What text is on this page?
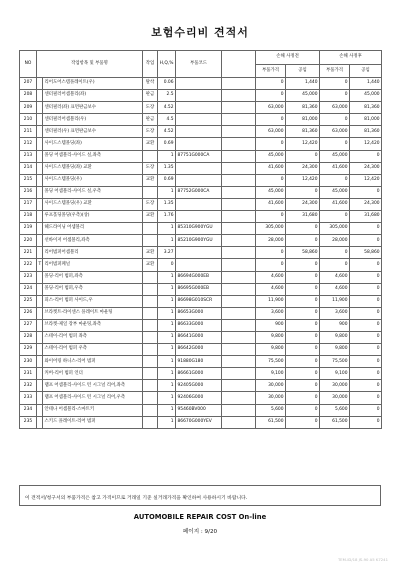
보험수리비 견적서
NO	작업항목 및 부품명		작업	H,Q,%	부품코드		손해 사정전		손해 사정후	
							부품가격	공임	부품가격	공임
207		리어도어스템플레이트(우)	탈착	0.06			0	1,440	0	1,440
208		센터필러어셈블리(좌)	판금	2.5			0	45,000	0	45,000
209		센터필러(좌) 표면판금보수	도장	4.52			63,000	81,360	63,000	81,360
210		센터필러어셈블리(우)	판금	4.5			0	81,000	0	81,000
211		센터필러(우) 표면판금보수	도장	4.52			63,000	81,360	63,000	81,360
212		사이드스텝몰딩(좌)	교환	0.69			0	12,420	0	12,420
213		몰딩 어셈블리-사이드 실,좌측		1	87751G000CA		45,000	0	45,000	0
214		사이드스텝몰딩(좌) 교환	도장	1.35			41,600	24,300	41,600	24,300
215		사이드스텝몰딩(우)	교환	0.69			0	12,420	0	12,420
216		몰딩 어셈블리-사이드 실,우측		1	87752G000CA		45,000	0	45,000	0
217		사이드스텝몰딩(우) 교환	도장	1.35			41,600	24,300	41,600	24,300
218		루프홀딩몰딩(우측)(상)	교환	1.76			0	31,680	0	31,680
219		헤드라이닝 어셈블리		1	85310G900YGU		305,000	0	305,000	0
220		선바이저 어셈블리,좌측		1	85210G900YGU		28,000	0	28,000	0
221		리어범퍼어셈블리	교환	3.27			0	58,860	0	58,860
222	T	리어범퍼페널	교환	0			0	0	0	0
223		몰딩-리어 범퍼,좌측		1	86694G000EB		4,600	0	4,600	0
224		몰딩-리어 범퍼,우측		1	86695G000EB		4,600	0	4,600	0
225		피스-리어 범퍼 사이드,우		1	86698G010SCR		11,900	0	11,900	0
226		브라켓트-라이센스 플레이트 마운팅		1	86653G000		3,600	0	3,600	0
227		브라켓-제일 장부 마운팅,좌측		1	86633G000		900	0	900	0
228		스테이-리어 범퍼 좌측		1	86641G000		9,800	0	9,800	0
229		스테이-리어 범퍼 우측		1	86642G000		9,800	0	9,800	0
230		와이어링 하니스-리어 범퍼		1	91880G180		75,500	0	75,500	0
231		커버-리어 범퍼 언더		1	86661G000		9,100	0	9,100	0
232		램프 어셈블리-사이드 턴 시그널 리어,좌측		1	92405G000		30,000	0	30,000	0
233		램프 어셈블리-사이드 턴 시그널 리어,우측		1	92406G000		30,000	0	30,000	0
234		안테나 어셈블리-스마트키		1	95460BV000		5,600	0	5,600	0
235		스키드 플레이트-리어 범퍼		1	86670G000YEV		61,500	0	61,500	0
이 견적서/청구서의 부품가격은 참고 가격이므로 거래일 기준 실거래가격을 확인하여 사용하시기 바랍니다.
AUTOMOBILE REPAIR COST On-line
페이지 : 9/20
TEM-ID/18 JS-90 A5 K7241
